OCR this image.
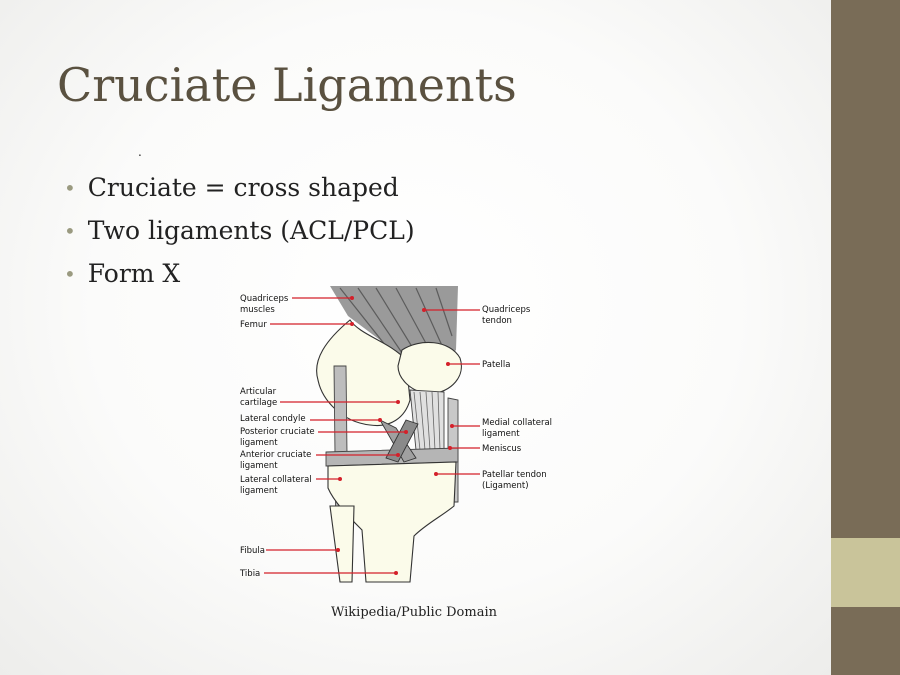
Cruciate Ligaments
.
• Cruciate = cross shaped
• Two ligaments (ACL/PCL)
• Form X
Quadriceps muscles
Femur
Articular cartilage
Lateral condyle
Posterior cruciate ligament
Anterior cruciate ligament
Lateral collateral ligament
Fibula
Tibia
Quadriceps tendon
Patella
Medial collateral ligament
Meniscus
Patellar tendon (Ligament)
Wikipedia/Public Domain
